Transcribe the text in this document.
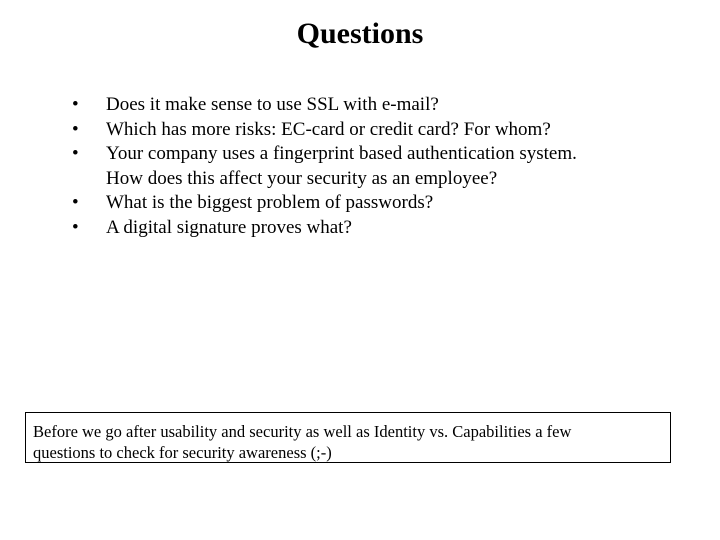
Questions
•	Does it make sense to use SSL with e-mail?
•	Which has more risks: EC-card or credit card? For whom?
•	Your company uses a fingerprint based authentication system.
How does this affect your security as an employee?
•	What is the biggest problem of passwords?
•	A digital signature proves what?
Before we go after usability and security as well as Identity vs. Capabilities a few
questions to check for security awareness (;-)
